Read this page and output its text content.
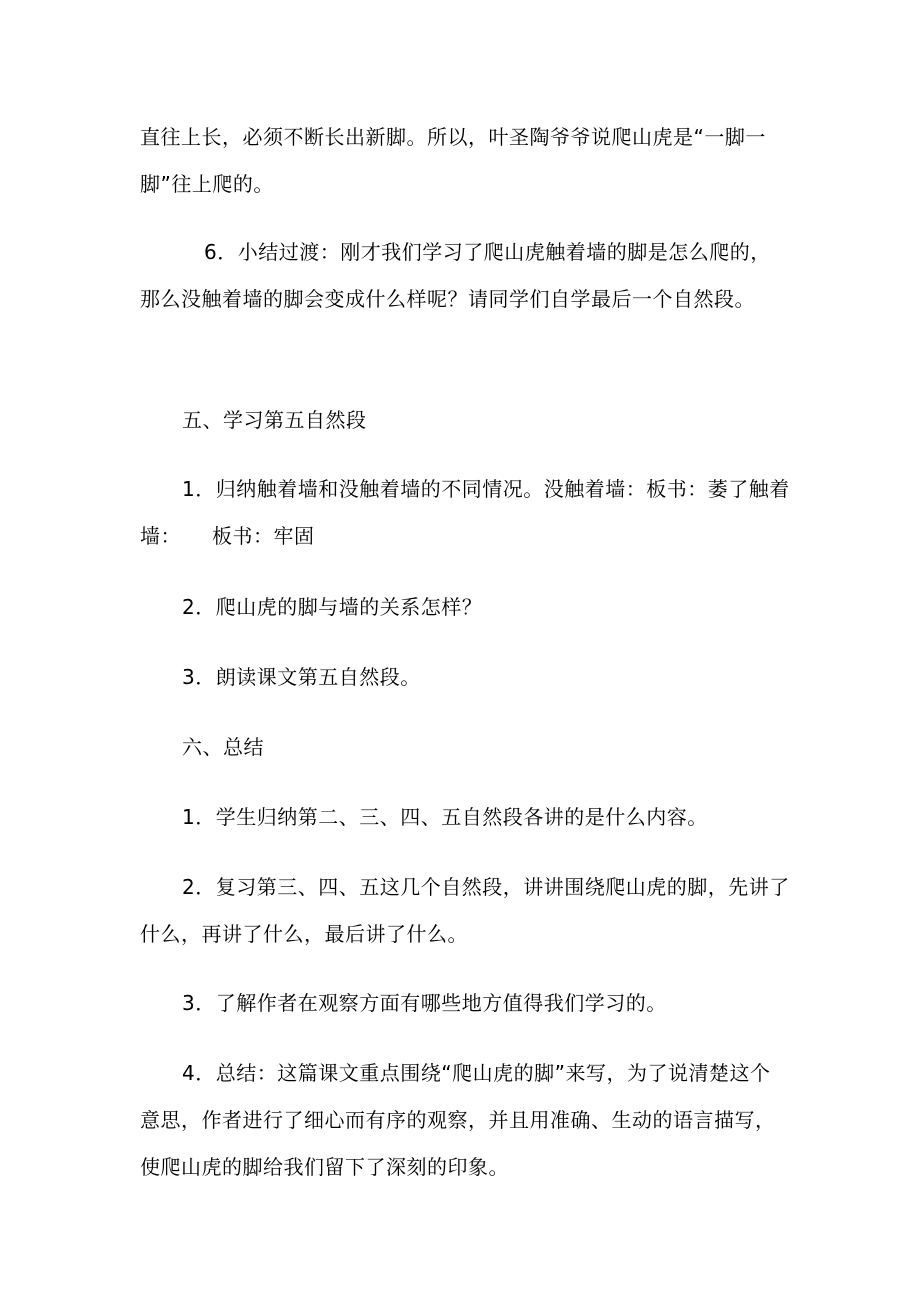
直往上长，必须不断长出新脚。所以，叶圣陶爷爷说爬山虎是“一脚一脚”往上爬的。

6．小结过渡：刚才我们学习了爬山虎触着墙的脚是怎么爬的，那么没触着墙的脚会变成什么样呢？请同学们自学最后一个自然段。

五、学习第五自然段

1．归纳触着墙和没触着墙的不同情况。没触着墙：板书：萎了触着墙：　　板书：牢固

2．爬山虎的脚与墙的关系怎样？

3．朗读课文第五自然段。

六、总结

1．学生归纳第二、三、四、五自然段各讲的是什么内容。

2．复习第三、四、五这几个自然段，讲讲围绕爬山虎的脚，先讲了什么，再讲了什么，最后讲了什么。

3．了解作者在观察方面有哪些地方值得我们学习的。

4．总结：这篇课文重点围绕“爬山虎的脚”来写，为了说清楚这个意思，作者进行了细心而有序的观察，并且用准确、生动的语言描写，使爬山虎的脚给我们留下了深刻的印象。
